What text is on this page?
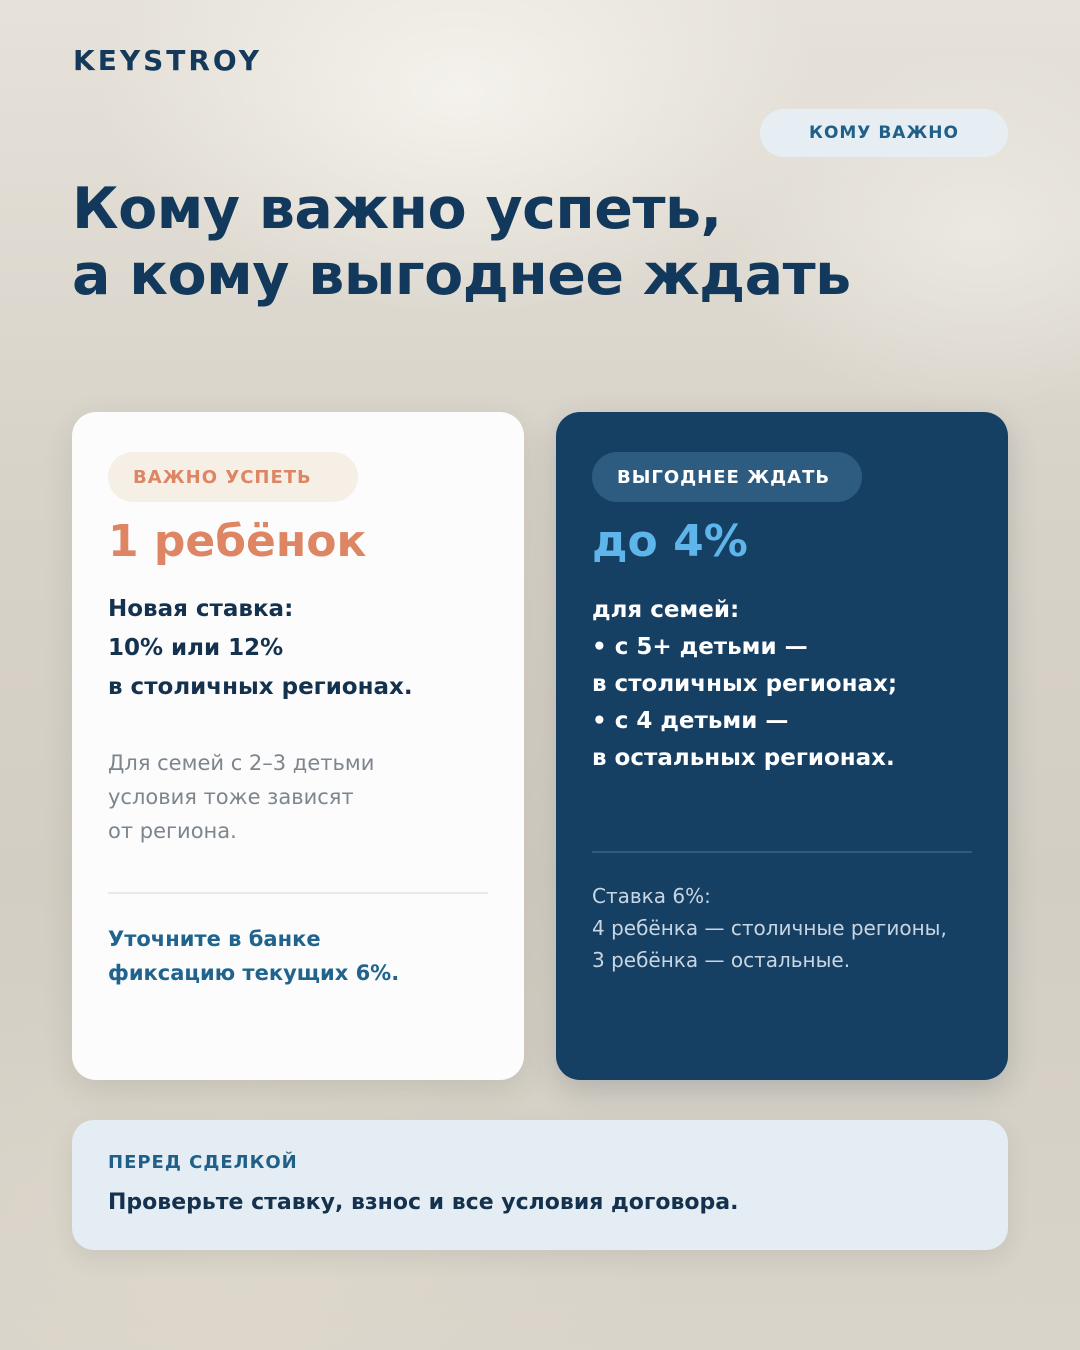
KEYSTROY
КОМУ ВАЖНО
Кому важно успеть,
а кому выгоднее ждать
ВАЖНО УСПЕТЬ
1 ребёнок
Новая ставка:
10% или 12%
в столичных регионах.
Для семей с 2–3 детьми
условия тоже зависят
от региона.
Уточните в банке
фиксацию текущих 6%.
ВЫГОДНЕЕ ЖДАТЬ
до 4%
для семей:
• с 5+ детьми —
в столичных регионах;
• с 4 детьми —
в остальных регионах.
Ставка 6%:
4 ребёнка — столичные регионы,
3 ребёнка — остальные.
ПЕРЕД СДЕЛКОЙ
Проверьте ставку, взнос и все условия договора.
